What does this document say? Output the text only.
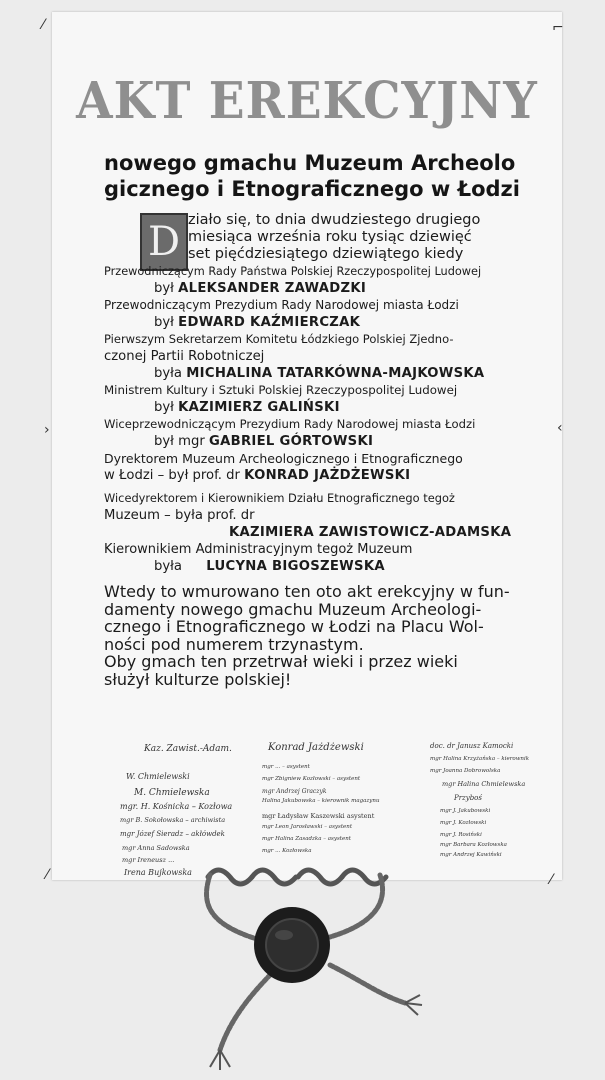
⁄	⌐
›	‹
⁄	⁄
AKT EREKCYJNY
nowego gmachu Muzeum Archeolo
gicznego i Etnograficznego w Łodzi
D ziało się, to dnia dwudziestego drugiego

miesiąca września roku tysiąc dziewięć

set pięćdziesiątego dziewiątego kiedy

Przewodniczącym Rady Państwa Polskiej Rzeczypospolitej Ludowej

był ALEKSANDER ZAWADZKI

Przewodniczącym Prezydium Rady Narodowej miasta Łodzi

był EDWARD KAŹMIERCZAK

Pierwszym Sekretarzem Komitetu Łódzkiego Polskiej Zjedno-

czonej Partii Robotniczej

była MICHALINA TATARKÓWNA-MAJKOWSKA

Ministrem Kultury i Sztuki Polskiej Rzeczypospolitej Ludowej

był KAZIMIERZ GALIŃSKI

Wiceprzewodniczącym Prezydium Rady Narodowej miasta Łodzi

był mgr GABRIEL GÓRTOWSKI

Dyrektorem Muzeum Archeologicznego i Etnograficznego

w Łodzi – był prof. dr KONRAD JAŻDŻEWSKI

Wicedyrektorem i Kierownikiem Działu Etnograficznego tegoż

Muzeum – była prof. dr

KAZIMIERA ZAWISTOWICZ-ADAMSKA

Kierownikiem Administracyjnym tegoż Muzeum

była LUCYNA BIGOSZEWSKA

Wtedy to wmurowano ten oto akt erekcyjny w fun-

damenty nowego gmachu Muzeum Archeologi-

cznego i Etnograficznego w Łodzi na Placu Wol-

ności pod numerem trzynastym.

Oby gmach ten przetrwał wieki i przez wieki

służył kulturze polskiej!

Kaz. Zawist.-Adam.
W. Chmielewski
M. Chmielewska
mgr. H. Kośnicka – Kozłowa
mgr B. Sokołowska – archiwista
mgr Józef Sieradz – akłówdek
mgr Anna Sadowska
mgr Ireneusz ...
Irena Bujkowska
Konrad Jażdżewski
mgr ... – asystent
mgr Zbigniew Kozłowski – asystent
mgr Andrzej Graczyk
Halina Jakubowska – kierownik magazynu
mgr Ładysław Kaszewski asystent
mgr Leon Jarosławski – asystent
mgr Halina Zasadzka – asystent
mgr ... Kozłowska
doc. dr Janusz Kamocki
mgr Halina Krzyżańska – kierownik
mgr Joanna Dobrowolska
mgr Halina Chmielewska
Przyboś
mgr J. Jakubowski
mgr J. Kozłowski
mgr J. Rosiński
mgr Barbara Kozłowska
mgr Andrzej Kawiński
